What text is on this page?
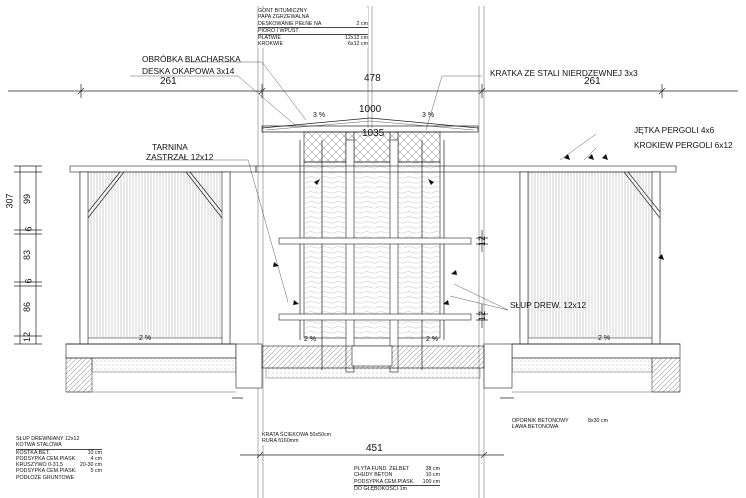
GONT BITUMICZNY
PAPA ZGRZEWALNA
DESKOWANIE PEŁNE NA	2 cm
PIÓRO I WPUST
PŁATWIE	12x12 cm
KROKWIE	6x12 cm
OBRÓBKA BLACHARSKA
DESKA OKAPOWA 3x14	KRATKA ZE STALI NIERDZEWNEJ 3x3
TARNINA
ZASTRZAŁ 12x12
JĘTKA PERGOLI 4x6
KROKIEW PERGOLI 6x12
SŁUP DREW. 12x12
261	478	261
1000
1035
451
3 %	3 %
2 %	2 %	2 %	2 %
307 99
6
83
6
86
12
12
12
KRATA ŚCIEKOWA 50x50cm
RURA fi160mm
OPORNIK BETONOWY	8x30 cm
ŁAWA BETONOWA
SŁUP DREWNIANY 12x12
KOTWA STALOWA
KOSTKA BET.	10 cm
PODSYPKA CEM.PIASK.	4 cm
KRUSZYWO 0-31,5	20-30 cm
PODSYPKA CEM.PIASK.	5 cm
PODŁOŻE GRUNTOWE
PŁYTA FUND. ŻELBET	38 cm
CHUDY BETON	10 cm
PODSYPKA CEM.PIASK.	100 cm
DO GŁĘBOKOŚCI 1m
